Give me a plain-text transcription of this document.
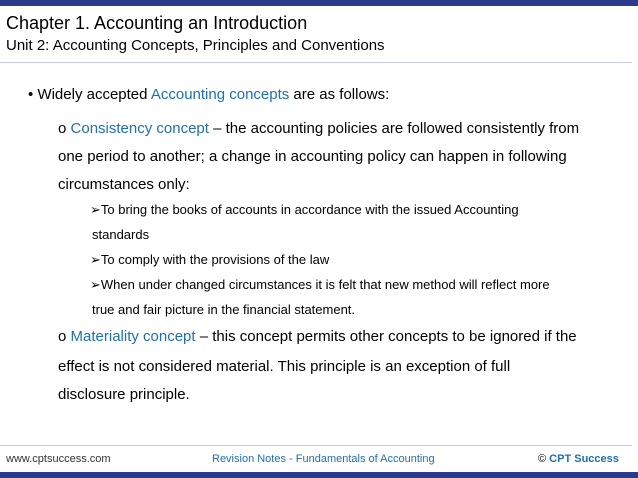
Chapter 1. Accounting an Introduction
Unit 2: Accounting Concepts, Principles and Conventions
• Widely accepted Accounting concepts are as follows:
o Consistency concept – the accounting policies are followed consistently from
one period to another; a change in accounting policy can happen in following
circumstances only:
➢To bring the books of accounts in accordance with the issued Accounting
standards
➢To comply with the provisions of the law
➢When under changed circumstances it is felt that new method will reflect more
true and fair picture in the financial statement.
o Materiality concept – this concept permits other concepts to be ignored if the
effect is not considered material. This principle is an exception of full
disclosure principle.
www.cptsuccess.com	Revision Notes - Fundamentals of Accounting	© CPT Success
